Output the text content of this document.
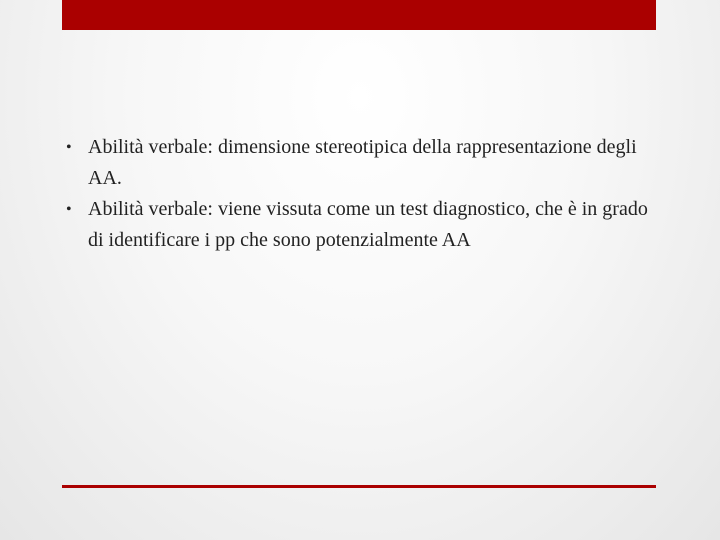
• Abilità verbale: dimensione stereotipica della rappresentazione degli AA.
• Abilità verbale: viene vissuta come un test diagnostico, che è in grado di identificare i pp che sono potenzialmente AA
